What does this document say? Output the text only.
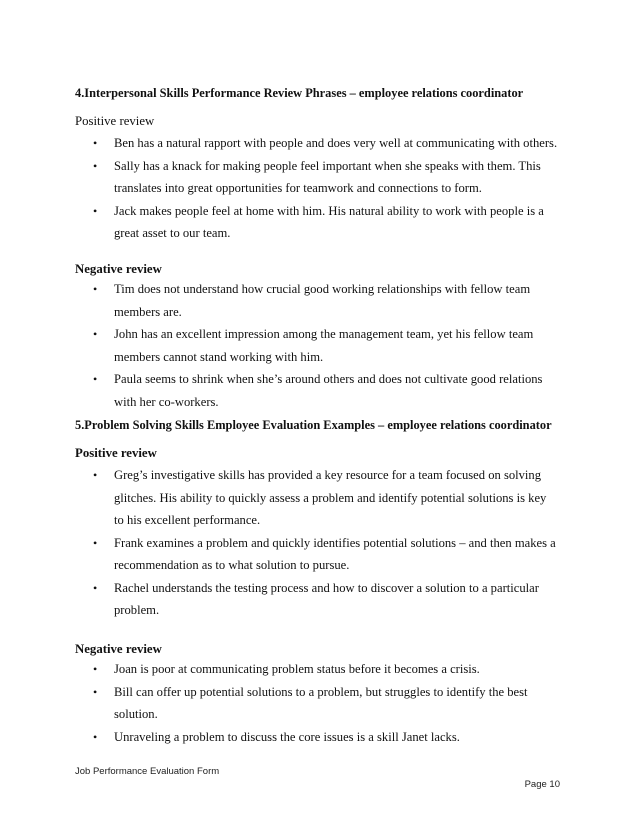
4.Interpersonal Skills Performance Review Phrases – employee relations coordinator
Positive review
• Ben has a natural rapport with people and does very well at communicating with others.
• Sally has a knack for making people feel important when she speaks with them. This translates into great opportunities for teamwork and connections to form.
• Jack makes people feel at home with him. His natural ability to work with people is a great asset to our team.
Negative review
• Tim does not understand how crucial good working relationships with fellow team members are.
• John has an excellent impression among the management team, yet his fellow team members cannot stand working with him.
• Paula seems to shrink when she’s around others and does not cultivate good relations with her co-workers.
5.Problem Solving Skills Employee Evaluation Examples – employee relations coordinator
Positive review
• Greg’s investigative skills has provided a key resource for a team focused on solving glitches. His ability to quickly assess a problem and identify potential solutions is key to his excellent performance.
• Frank examines a problem and quickly identifies potential solutions – and then makes a recommendation as to what solution to pursue.
• Rachel understands the testing process and how to discover a solution to a particular problem.
Negative review
• Joan is poor at communicating problem status before it becomes a crisis.
• Bill can offer up potential solutions to a problem, but struggles to identify the best solution.
• Unraveling a problem to discuss the core issues is a skill Janet lacks.
Job Performance Evaluation Form
Page 10
